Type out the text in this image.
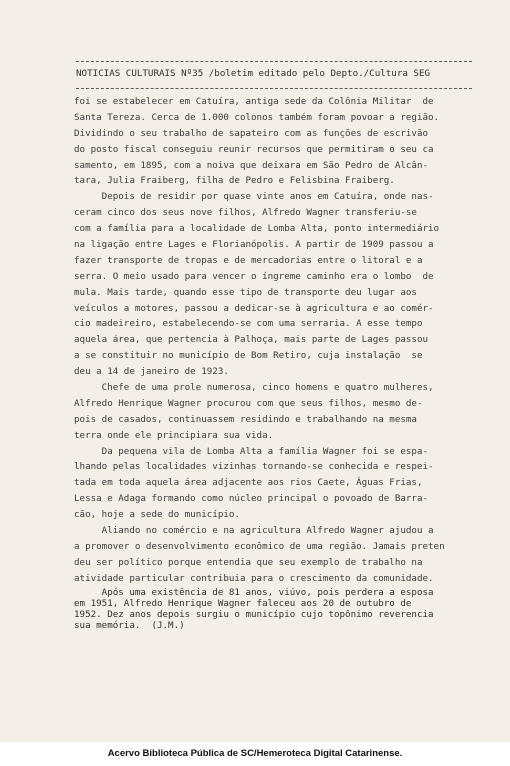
NOTICIAS CULTURAIS Nº35 /boletim editado pelo Depto./Cultura SEG
foi se estabelecer em Catuíra, antiga sede da Colônia Militar  de
Santa Tereza. Cerca de 1.000 colonos também foram povoar a região.
Dividindo o seu trabalho de sapateiro com as funções de escrivão
do posto fiscal conseguiu reunir recursos que permitiram o seu ca
samento, em 1895, com a noiva que deixara em São Pedro de Alcân-
tara, Julia Fraiberg, filha de Pedro e Felisbina Fraiberg.
Depois de residir por quase vinte anos em Catuíra, onde nas-
ceram cinco dos seus nove filhos, Alfredo Wagner transferiu-se
com a família para a localidade de Lomba Alta, ponto intermediário
na ligação entre Lages e Florianópolis. A partir de 1909 passou a
fazer transporte de tropas e de mercadorias entre o litoral e a
serra. O meio usado para vencer o íngreme caminho era o lombo  de
mula. Mais tarde, quando esse tipo de transporte deu lugar aos
veículos a motores, passou a dedicar-se à agricultura e ao comér-
cio madeireiro, estabelecendo-se com uma serraria. A esse tempo
aquela área, que pertencia à Palhoça, mais parte de Lages passou
a se constituir no município de Bom Retiro, cuja instalação  se
deu a 14 de janeiro de 1923.
Chefe de uma prole numerosa, cinco homens e quatro mulheres,
Alfredo Henrique Wagner procurou com que seus filhos, mesmo de-
pois de casados, continuassem residindo e trabalhando na mesma
terra onde ele principiara sua vida.
Da pequena vila de Lomba Alta a família Wagner foi se espa-
lhando pelas localidades vizinhas tornando-se conhecida e respei-
tada em toda aquela área adjacente aos rios Caete, Águas Frias,
Lessa e Adaga formando como núcleo principal o povoado de Barra-
cão, hoje a sede do município.
Aliando no comércio e na agricultura Alfredo Wagner ajudou a
a promover o desenvolvimento econômico de uma região. Jamais preten
deu ser político porque entendia que seu exemplo de trabalho na
atividade particular contribuia para o crescimento da comunidade.
Após uma existência de 81 anos, viúvo, pois perdera a esposa
em 1951, Alfredo Henrique Wagner faleceu aos 20 de outubro de
1952. Dez anos depois surgiu o município cujo topônimo reverencia
sua memória.  (J.M.)
Acervo Biblioteca Pública de SC/Hemeroteca Digital Catarinense.
